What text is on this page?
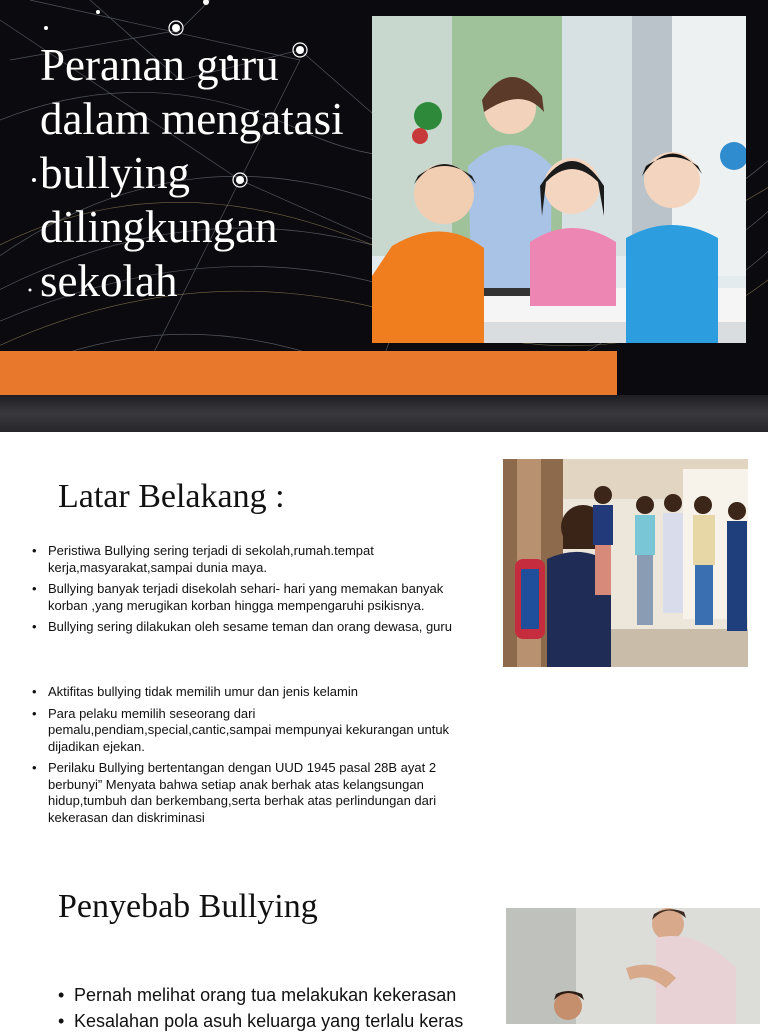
Peranan guru
dalam mengatasi
bullying
dilingkungan
sekolah
Latar Belakang :
• Peristiwa Bullying sering terjadi di sekolah,rumah.tempat kerja,masyarakat,sampai dunia maya.
• Bullying banyak terjadi disekolah sehari- hari yang memakan banyak korban ,yang merugikan korban hingga mempengaruhi psikisnya.
• Bullying sering dilakukan oleh sesame teman dan orang dewasa, guru
• Aktifitas bullying tidak memilih umur dan jenis kelamin
• Para pelaku memilih seseorang dari pemalu,pendiam,special,cantic,sampai mempunyai kekurangan untuk dijadikan ejekan.
• Perilaku Bullying bertentangan dengan UUD 1945 pasal 28B ayat 2 berbunyi” Menyata bahwa setiap anak berhak atas kelangsungan hidup,tumbuh dan berkembang,serta berhak atas perlindungan dari kekerasan dan diskriminasi
Penyebab Bullying
• Pernah melihat orang tua melakukan kekerasan
• Kesalahan pola asuh keluarga yang terlalu keras
